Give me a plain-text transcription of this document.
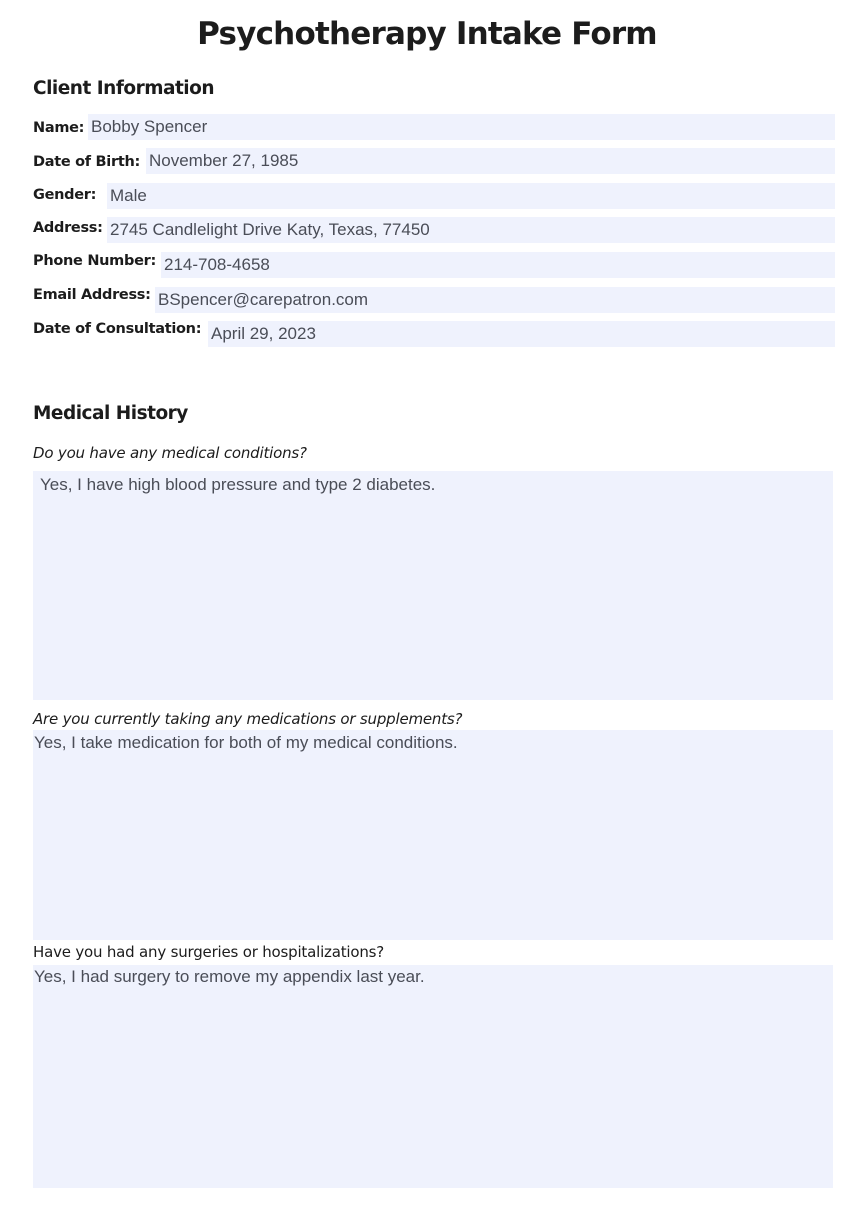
Psychotherapy Intake Form
Client Information
Name: Bobby Spencer
Date of Birth: November 27, 1985
Gender: Male
Address: 2745 Candlelight Drive Katy, Texas, 77450
Phone Number: 214-708-4658
Email Address: BSpencer@carepatron.com
Date of Consultation: April 29, 2023
Medical History
Do you have any medical conditions?
Yes, I have high blood pressure and type 2 diabetes.
Are you currently taking any medications or supplements?
Yes, I take medication for both of my medical conditions.
Have you had any surgeries or hospitalizations?
Yes, I had surgery to remove my appendix last year.
